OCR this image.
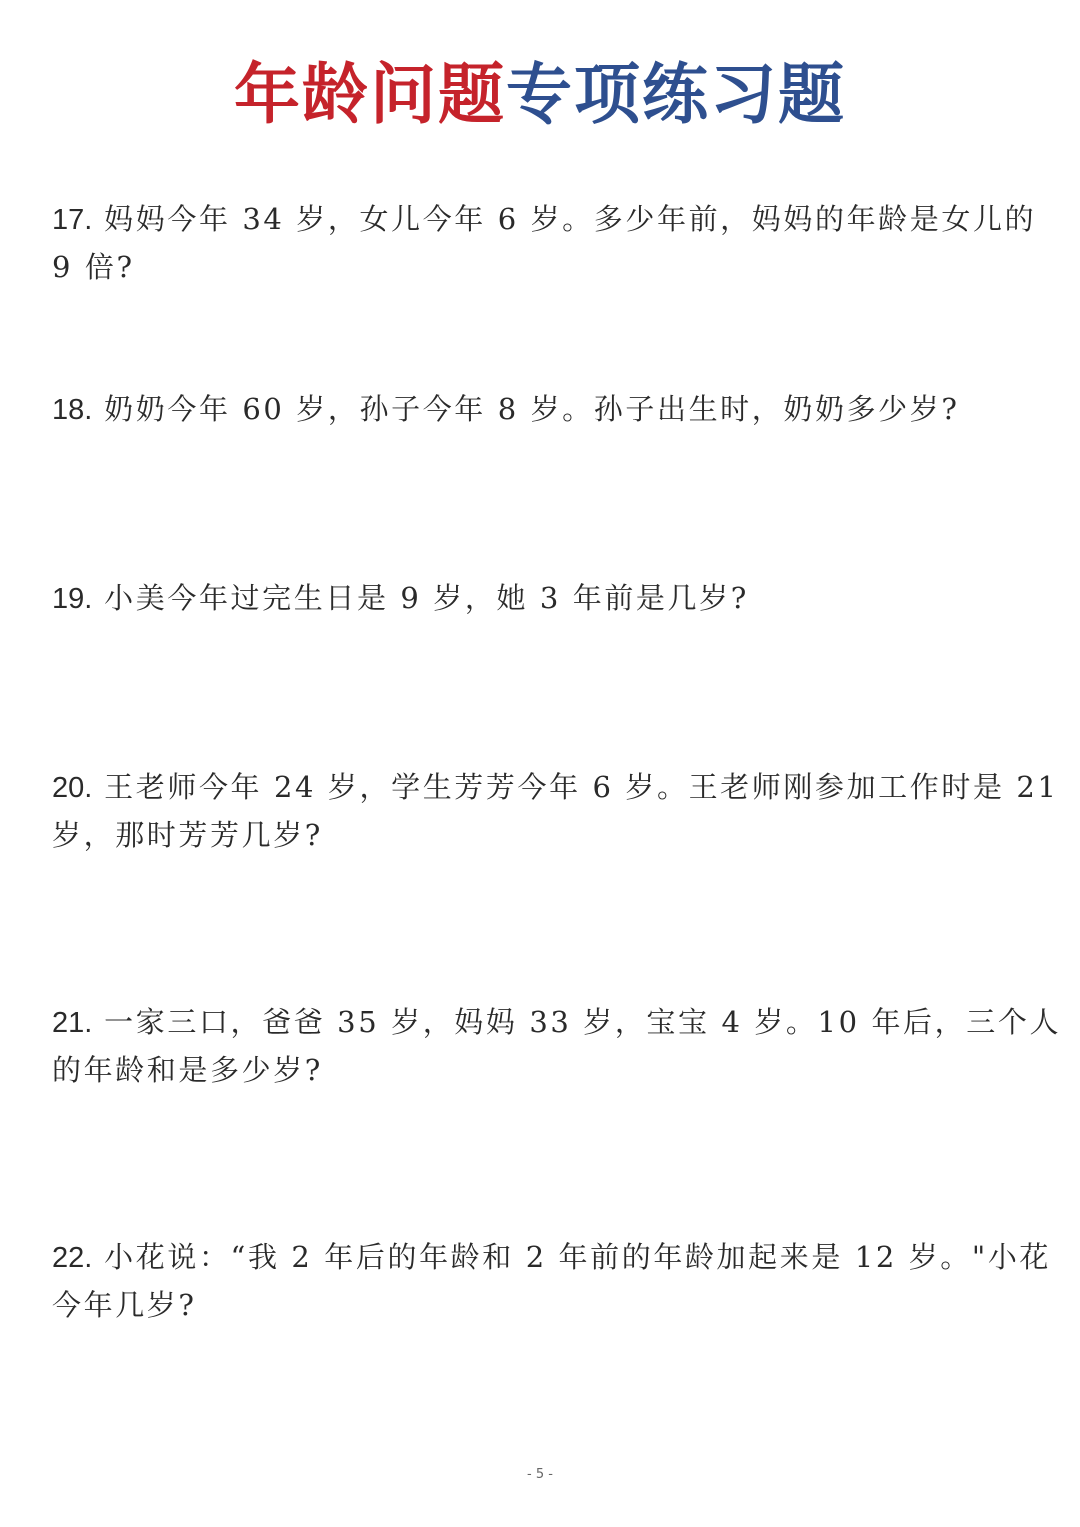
年龄问题专项练习题
17. 妈妈今年 34 岁，女儿今年 6 岁。多少年前，妈妈的年龄是女儿的 9 倍?
18. 奶奶今年 60 岁，孙子今年 8 岁。孙子出生时，奶奶多少岁?
19. 小美今年过完生日是 9 岁，她 3 年前是几岁?
20. 王老师今年 24 岁，学生芳芳今年 6 岁。王老师刚参加工作时是 21 岁，那时芳芳几岁?
21. 一家三口，爸爸 35 岁，妈妈 33 岁，宝宝 4 岁。10 年后，三个人的年龄和是多少岁?
22. 小花说：“我 2 年后的年龄和 2 年前的年龄加起来是 12 岁。"小花今年几岁?
- 5 -
